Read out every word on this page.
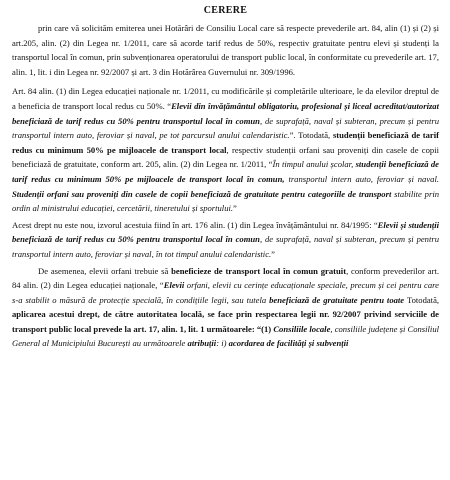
CERERE

prin care vă solicităm emiterea unei Hotărâri de Consiliu Local care să respecte prevederile art. 84, alin (1) și (2) și art.205, alin. (2) din Legea nr. 1/2011, care să acorde tarif redus de 50%, respectiv gratuitate pentru elevi și studenți la transportul local în comun, prin subvenționarea operatorului de transport public local, în conformitate cu prevederile art. 17, alin. 1, lit. i din Legea nr. 92/2007 și art. 3 din Hotărârea Guvernului nr. 309/1996.

Art. 84 alin. (1) din Legea educației naționale nr. 1/2011, cu modificările și completările ulterioare, le da elevilor dreptul de a beneficia de transport local redus cu 50%. “Elevii din învățământul obligatoriu, profesional și liceal acreditat/autorizat beneficiază de tarif redus cu 50% pentru transportul local în comun, de suprafață, naval și subteran, precum și pentru transportul intern auto, feroviar și naval, pe tot parcursul anului calendaristic.”. Totodată, studenții beneficiază de tarif redus cu minimum 50% pe mijloacele de transport local, respectiv studenții orfani sau proveniți din casele de copii beneficiază de gratuitate, conform art. 205, alin. (2) din Legea nr. 1/2011, “În timpul anului școlar, studenții beneficiază de tarif redus cu minimum 50% pe mijloacele de transport local în comun, transportul intern auto, feroviar și naval. Studenții orfani sau proveniți din casele de copii beneficiază de gratuitate pentru categoriile de transport stabilite prin ordin al ministrului educației, cercetării, tineretului și sportului.”

Acest drept nu este nou, izvorul acestuia fiind în art. 176 alin. (1) din Legea învățământului nr. 84/1995: “Elevii și studenții beneficiază de tarif redus cu 50% pentru transportul local în comun, de suprafață, naval și subteran, precum și pentru transportul intern auto, feroviar și naval, în tot timpul anului calendaristic.”

De asemenea, elevii orfani trebuie să beneficieze de transport local în comun gratuit, conform prevederilor art. 84 alin. (2) din Legea educației naționale, “Elevii orfani, elevii cu cerințe educaționale speciale, precum și cei pentru care s-a stabilit o măsură de protecție specială, în condițiile legii, sau tutela beneficiază de gratuitate pentru toate Totodată, aplicarea acestui drept, de către autoritatea locală, se face prin respectarea legii nr. 92/2007 privind serviciile de transport public local prevede la art. 17, alin. 1, lit. 1 următoarele: “(1) Consiliile locale, consiliile județene și Consiliul General al Municipiului București au următoarele atribuții: i) acordarea de facilități și subvenții
